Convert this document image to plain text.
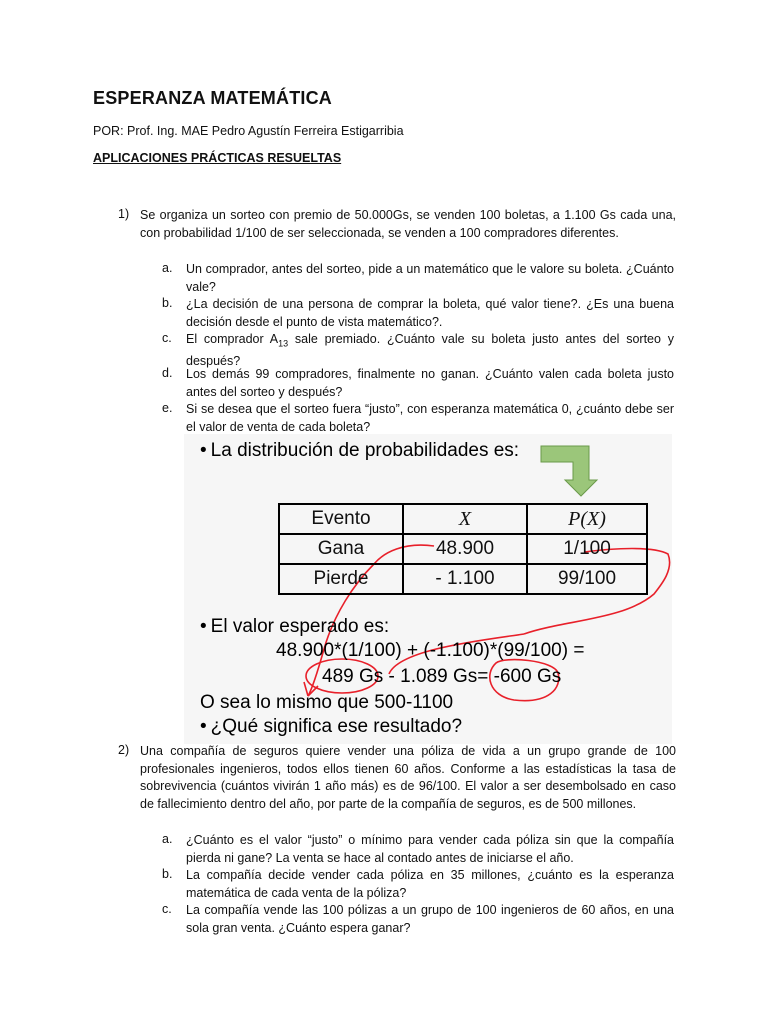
ESPERANZA MATEMÁTICA
POR: Prof. Ing. MAE Pedro Agustín Ferreira Estigarribia
APLICACIONES PRÁCTICAS RESUELTAS
1) Se organiza un sorteo con premio de 50.000Gs, se venden 100 boletas, a 1.100 Gs cada una, con probabilidad 1/100 de ser seleccionada, se venden a 100 compradores diferentes.
a. Un comprador, antes del sorteo, pide a un matemático que le valore su boleta. ¿Cuánto vale?
b. ¿La decisión de una persona de comprar la boleta, qué valor tiene?. ¿Es una buena decisión desde el punto de vista matemático?.
c. El comprador $A_{13}$ sale premiado. ¿Cuánto vale su boleta justo antes del sorteo y después?
d. Los demás 99 compradores, finalmente no ganan. ¿Cuánto valen cada boleta justo antes del sorteo y después?
e. Si se desea que el sorteo fuera “justo”, con esperanza matemática 0, ¿cuánto debe ser el valor de venta de cada boleta?
• La distribución de probabilidades es:
Evento	X	P(X)
Gana	48.900	1/100
Pierde	- 1.100	99/100
• El valor esperado es:
48.900*(1/100) + (-1.100)*(99/100) =
489 Gs - 1.089 Gs= -600 Gs
O sea lo mismo que 500-1100
• ¿Qué significa ese resultado?
2) Una compañía de seguros quiere vender una póliza de vida a un grupo grande de 100 profesionales ingenieros, todos ellos tienen 60 años. Conforme a las estadísticas la tasa de sobrevivencia (cuántos vivirán 1 año más) es de 96/100. El valor a ser desembolsado en caso de fallecimiento dentro del año, por parte de la compañía de seguros, es de 500 millones.
a. ¿Cuánto es el valor “justo” o mínimo para vender cada póliza sin que la compañía pierda ni gane? La venta se hace al contado antes de iniciarse el año.
b. La compañía decide vender cada póliza en 35 millones, ¿cuánto es la esperanza matemática de cada venta de la póliza?
c. La compañía vende las 100 pólizas a un grupo de 100 ingenieros de 60 años, en una sola gran venta. ¿Cuánto espera ganar?
